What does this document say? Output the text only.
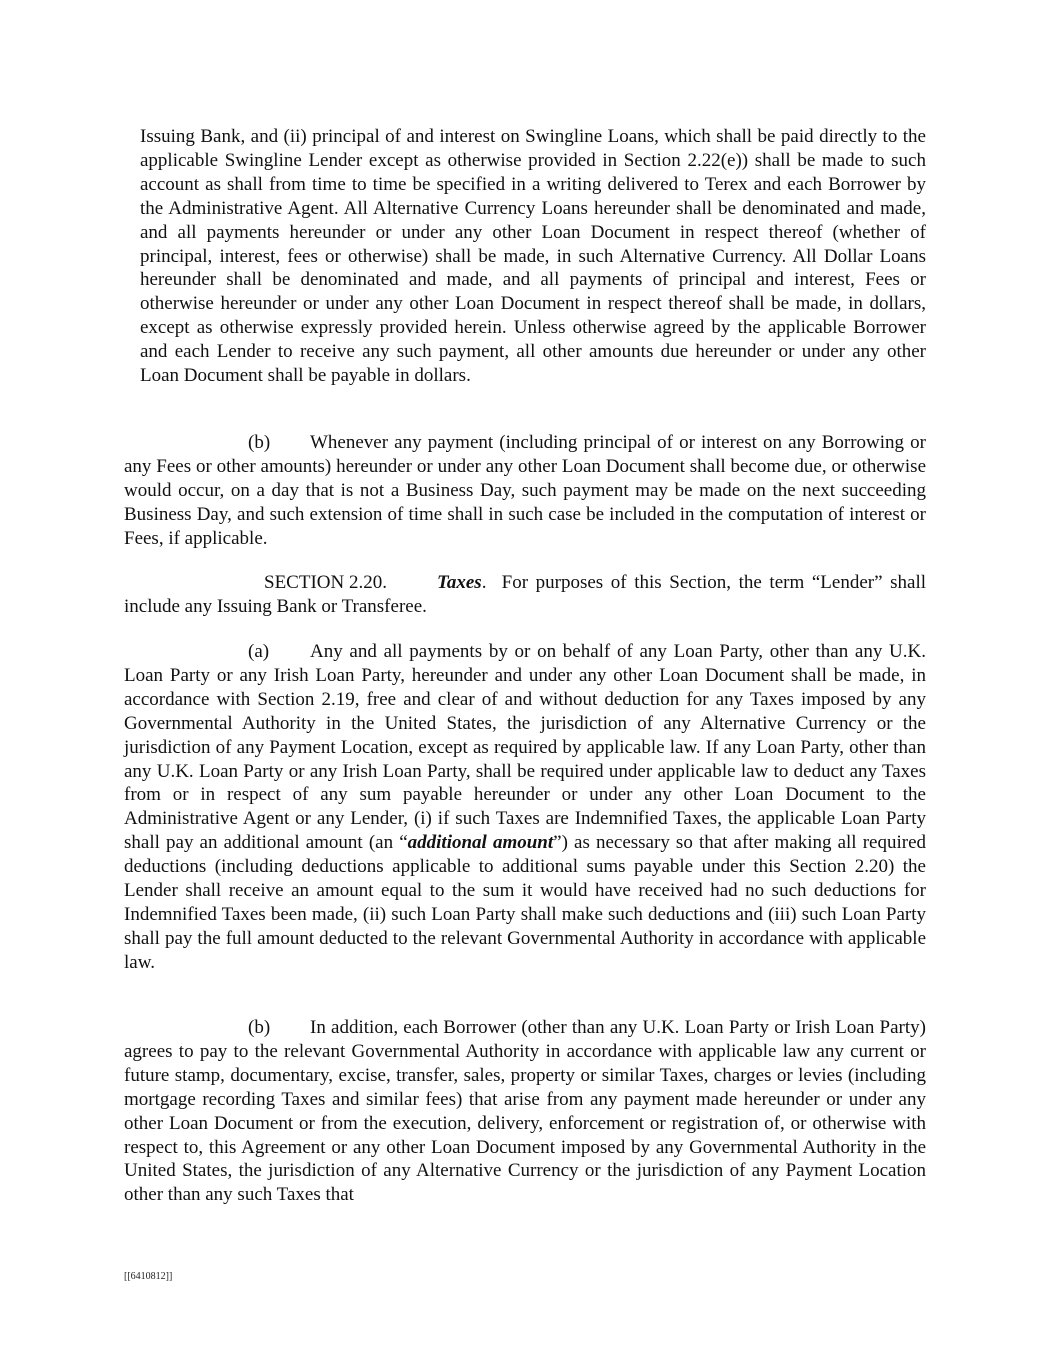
Issuing Bank, and (ii) principal of and interest on Swingline Loans, which shall be paid directly to the applicable Swingline Lender except as otherwise provided in Section 2.22(e)) shall be made to such account as shall from time to time be specified in a writing delivered to Terex and each Borrower by the Administrative Agent. All Alternative Currency Loans hereunder shall be denominated and made, and all payments hereunder or under any other Loan Document in respect thereof (whether of principal, interest, fees or otherwise) shall be made, in such Alternative Currency. All Dollar Loans hereunder shall be denominated and made, and all payments of principal and interest, Fees or otherwise hereunder or under any other Loan Document in respect thereof shall be made, in dollars, except as otherwise expressly provided herein. Unless otherwise agreed by the applicable Borrower and each Lender to receive any such payment, all other amounts due hereunder or under any other Loan Document shall be payable in dollars.

(b) Whenever any payment (including principal of or interest on any Borrowing or any Fees or other amounts) hereunder or under any other Loan Document shall become due, or otherwise would occur, on a day that is not a Business Day, such payment may be made on the next succeeding Business Day, and such extension of time shall in such case be included in the computation of interest or Fees, if applicable.

SECTION 2.20.	Taxes. For purposes of this Section, the term “Lender” shall include any Issuing Bank or Transferee.

(a) Any and all payments by or on behalf of any Loan Party, other than any U.K. Loan Party or any Irish Loan Party, hereunder and under any other Loan Document shall be made, in accordance with Section 2.19, free and clear of and without deduction for any Taxes imposed by any Governmental Authority in the United States, the jurisdiction of any Alternative Currency or the jurisdiction of any Payment Location, except as required by applicable law. If any Loan Party, other than any U.K. Loan Party or any Irish Loan Party, shall be required under applicable law to deduct any Taxes from or in respect of any sum payable hereunder or under any other Loan Document to the Administrative Agent or any Lender, (i) if such Taxes are Indemnified Taxes, the applicable Loan Party shall pay an additional amount (an “additional amount”) as necessary so that after making all required deductions (including deductions applicable to additional sums payable under this Section 2.20) the Lender shall receive an amount equal to the sum it would have received had no such deductions for Indemnified Taxes been made, (ii) such Loan Party shall make such deductions and (iii) such Loan Party shall pay the full amount deducted to the relevant Governmental Authority in accordance with applicable law.

(b) In addition, each Borrower (other than any U.K. Loan Party or Irish Loan Party) agrees to pay to the relevant Governmental Authority in accordance with applicable law any current or future stamp, documentary, excise, transfer, sales, property or similar Taxes, charges or levies (including mortgage recording Taxes and similar fees) that arise from any payment made hereunder or under any other Loan Document or from the execution, delivery, enforcement or registration of, or otherwise with respect to, this Agreement or any other Loan Document imposed by any Governmental Authority in the United States, the jurisdiction of any Alternative Currency or the jurisdiction of any Payment Location other than any such Taxes that

[[6410812]]
